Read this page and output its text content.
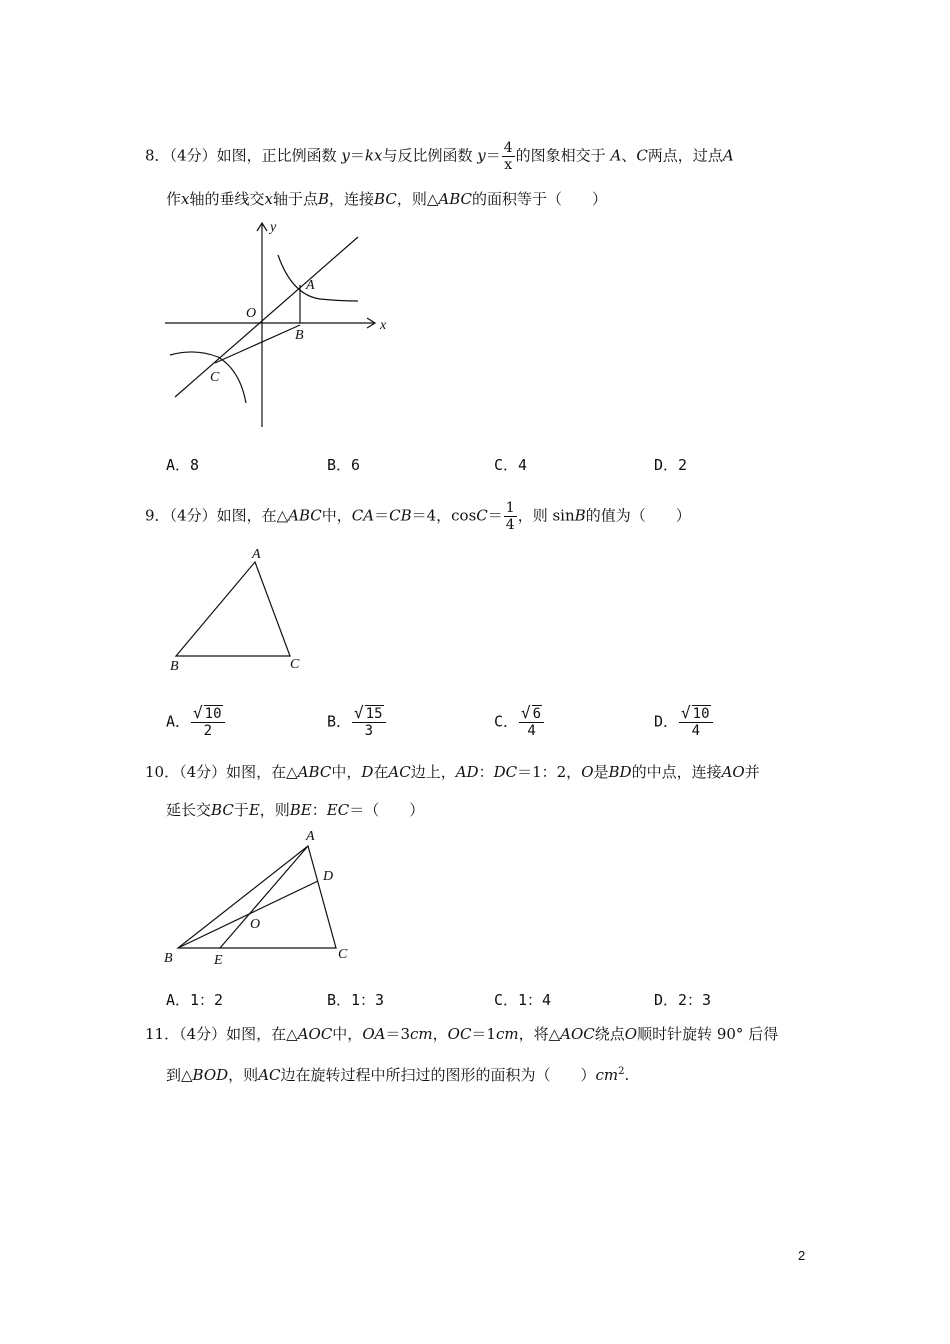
8．（4分）如图，正比例函数 y＝kx与反比例函数 $y= \frac{4}{x}$ 的图象相交于 A、C两点，过点A
作x轴的垂线交x轴于点B，连接BC，则△ABC的面积等于（　　）
y
x
O
A
B
C
A．8	B．6	C．4	D．2
9．（4分）如图，在△ABC中，CA＝CB＝4，$\cos C= \frac{1}{4}$ ，则 sinB的值为（　　）
A
B	C
A． $\frac{√ 10}{2}$	B． $\frac{√ 15}{3}$	C． $\frac{√ 6}{4}$	D． $\frac{√ 10}{4}$
10．（4分）如图，在△ABC中，D在AC边上，AD：DC＝1：2，O是BD的中点，连接AO并
延长交BC于E，则BE：EC＝（　　）
A
D
O
B	E	C
A．1：2	B．1：3	C．1：4	D．2：3
11．（4分）如图，在△AOC中，OA＝3cm，OC＝1cm，将△AOC绕点O顺时针旋转 90° 后得
到△BOD，则AC边在旋转过程中所扫过的图形的面积为（　　）$cm^2$.
2
